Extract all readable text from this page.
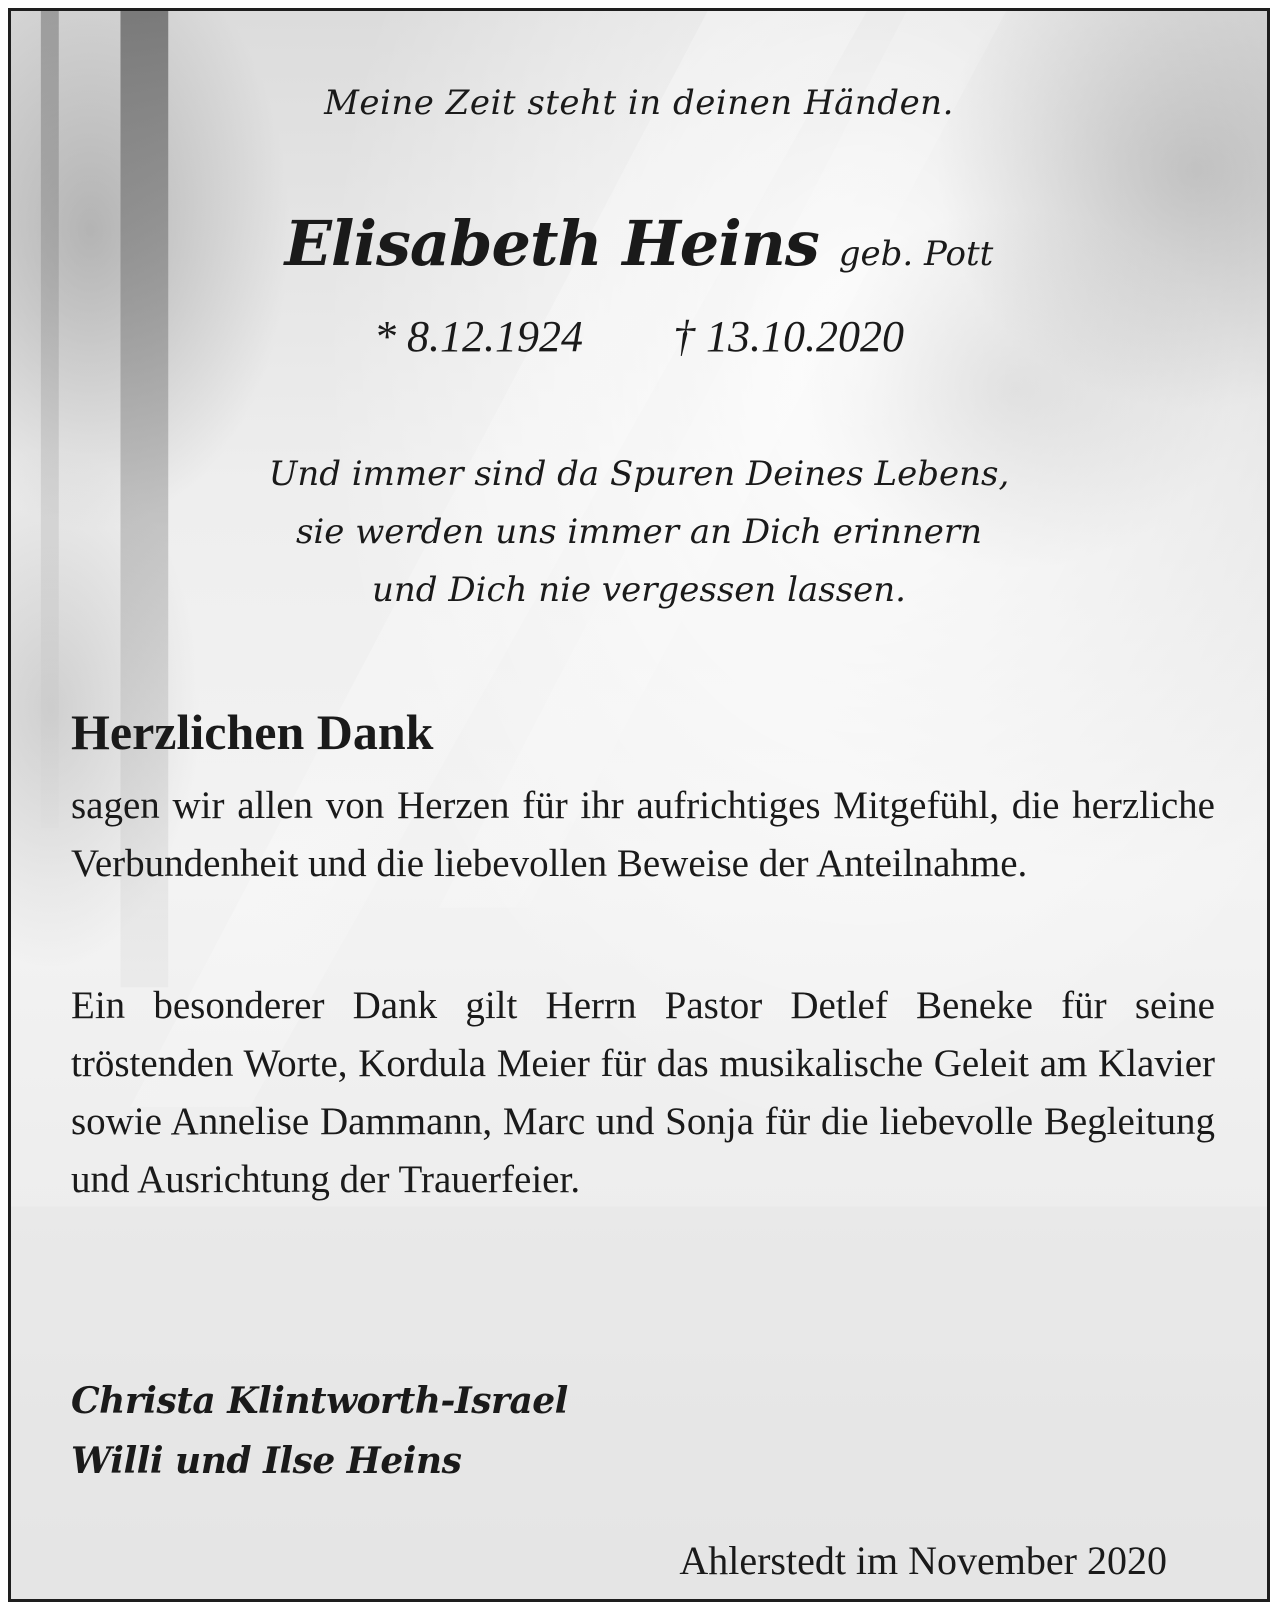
Meine Zeit steht in deinen Händen.
Elisabeth Heins geb. Pott
* 8.12.1924 † 13.10.2020
Und immer sind da Spuren Deines Lebens,
sie werden uns immer an Dich erinnern
und Dich nie vergessen lassen.
Herzlichen Dank
sagen wir allen von Herzen für ihr aufrichtiges Mitgefühl, die herzliche Verbundenheit und die liebevollen Beweise der Anteilnahme.
Ein besonderer Dank gilt Herrn Pastor Detlef Beneke für seine tröstenden Worte, Kordula Meier für das musikalische Geleit am Klavier sowie Annelise Dammann, Marc und Sonja für die liebevolle Begleitung und Ausrichtung der Trauerfeier.
Christa Klintworth-Israel
Willi und Ilse Heins
Ahlerstedt im November 2020
